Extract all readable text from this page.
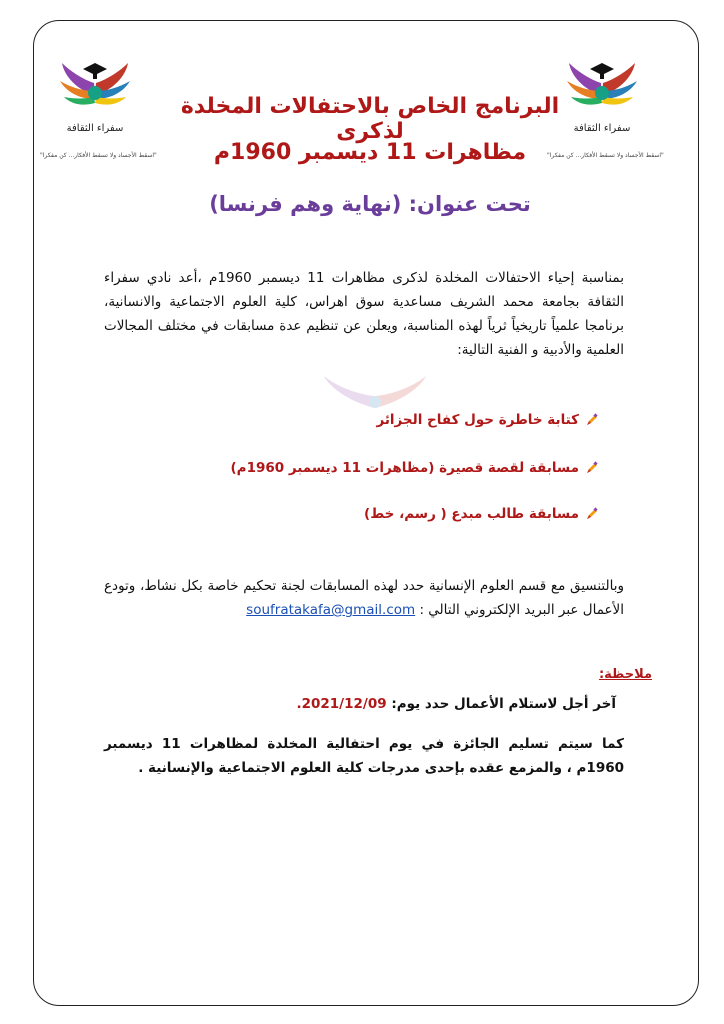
سفراء الثقافة
"اسقط الأجساد ولا تسقط الأفكار... كن مفكرا"
سفراء الثقافة
"اسقط الأجساد ولا تسقط الأفكار... كن مفكرا"
البرنامج الخاص بالاحتفالات المخلدة لذكرى
مظاهرات 11 ديسمبر 1960م
تحت عنوان: (نهاية وهم فرنسا)
بمناسبة إحياء الاحتفالات المخلدة لذكرى مظاهرات 11 ديسمبر 1960م ،أعد نادي سفراء الثقافة بجامعة محمد الشريف مساعدية سوق اهراس، كلية العلوم الاجتماعية والانسانية، برنامجا علمياً تاريخياً ثرياً لهذه المناسبة، ويعلن عن تنظيم عدة مسابقات في مختلف المجالات العلمية والأدبية و الفنية التالية:
كتابة خاطرة حول كفاح الجزائر
مسابقة لقصة قصيرة (مظاهرات 11 ديسمبر 1960م)
مسابقة طالب مبدع ( رسم، خط)
وبالتنسيق مع قسم العلوم الإنسانية حدد لهذه المسابقات لجنة تحكيم خاصة بكل نشاط، وتودع الأعمال عبر البريد الإلكتروني التالي : soufratakafa@gmail.com
ملاحظة:
آخر أجل لاستلام الأعمال حدد يوم: 2021/12/09.
كما سيتم تسليم الجائزة في يوم احتفالية المخلدة لمظاهرات 11 ديسمبر 1960م ، والمزمع عقده بإحدى مدرجات كلية العلوم الاجتماعية والإنسانية .
